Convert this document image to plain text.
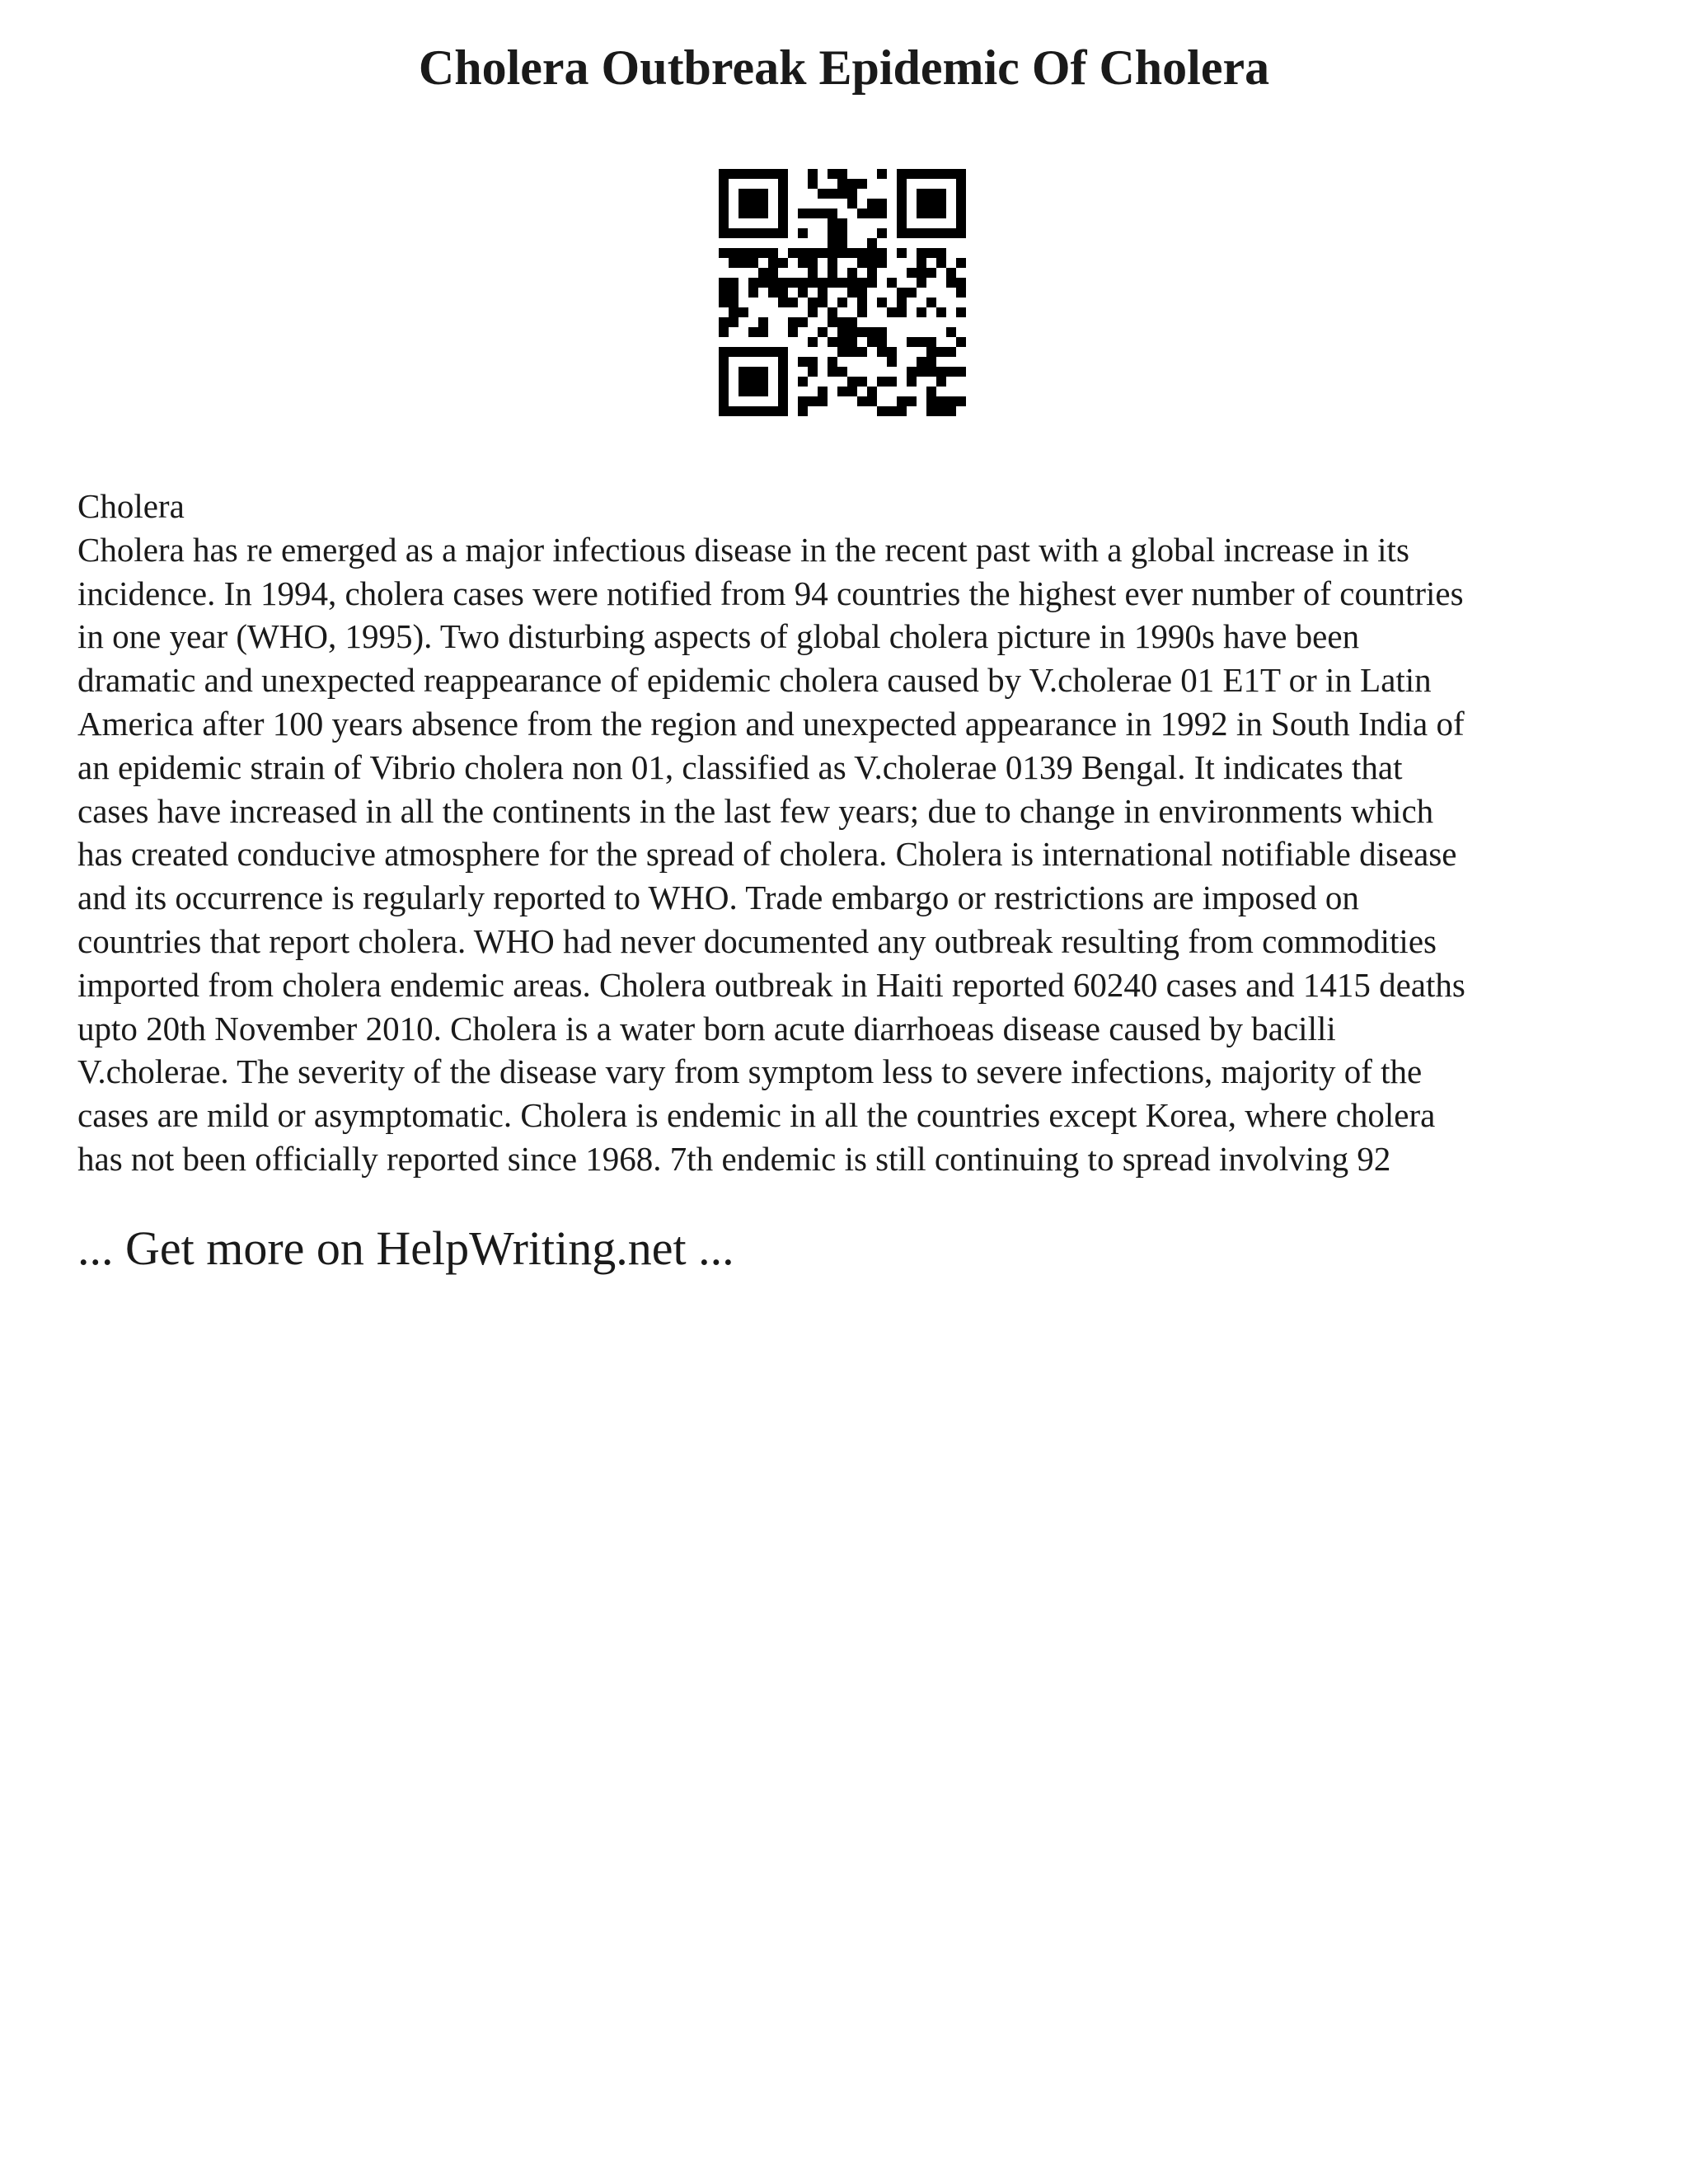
Cholera Outbreak Epidemic Of Cholera
Cholera

Cholera has re emerged as a major infectious disease in the recent past with a global increase in its
incidence. In 1994, cholera cases were notified from 94 countries the highest ever number of countries
in one year (WHO, 1995). Two disturbing aspects of global cholera picture in 1990s have been
dramatic and unexpected reappearance of epidemic cholera caused by V.cholerae 01 E1T or in Latin
America after 100 years absence from the region and unexpected appearance in 1992 in South India of
an epidemic strain of Vibrio cholera non 01, classified as V.cholerae 0139 Bengal. It indicates that
cases have increased in all the continents in the last few years; due to change in environments which
has created conducive atmosphere for the spread of cholera. Cholera is international notifiable disease
and its occurrence is regularly reported to WHO. Trade embargo or restrictions are imposed on
countries that report cholera. WHO had never documented any outbreak resulting from commodities
imported from cholera endemic areas. Cholera outbreak in Haiti reported 60240 cases and 1415 deaths
upto 20th November 2010. Cholera is a water born acute diarrhoeas disease caused by bacilli
V.cholerae. The severity of the disease vary from symptom less to severe infections, majority of the
cases are mild or asymptomatic. Cholera is endemic in all the countries except Korea, where cholera
has not been officially reported since 1968. 7th endemic is still continuing to spread involving 92

... Get more on HelpWriting.net ...
